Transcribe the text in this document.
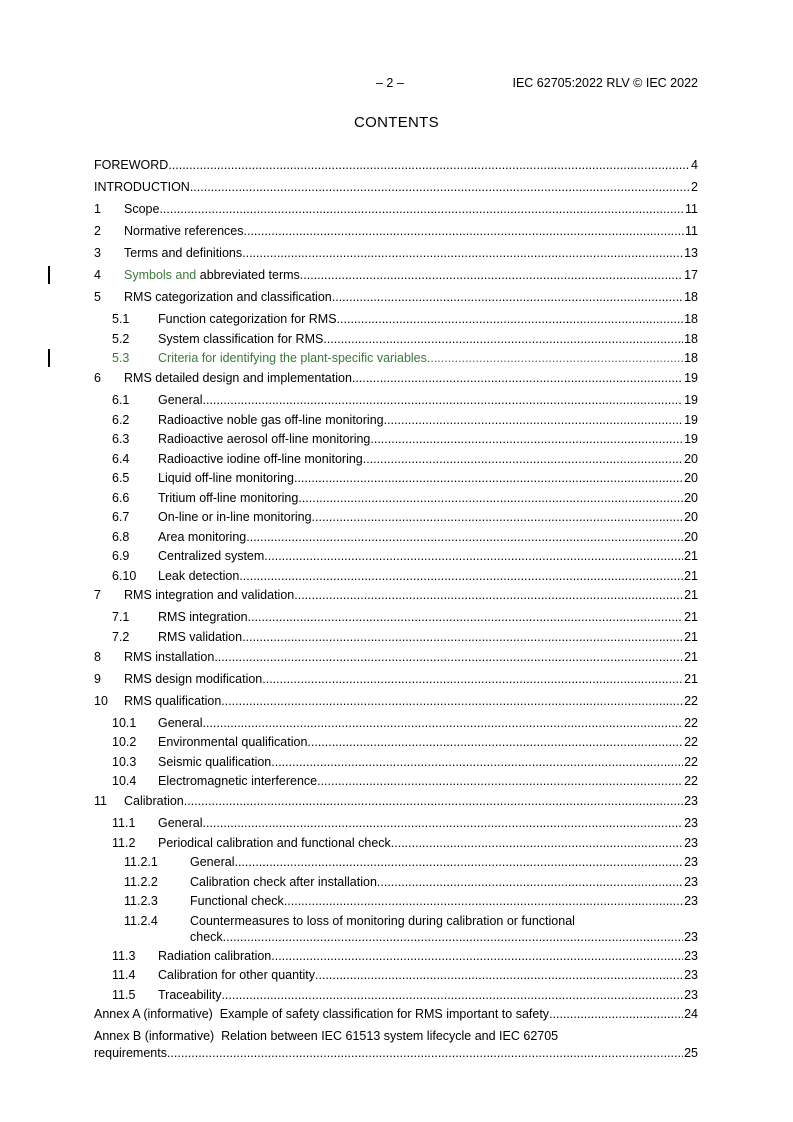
– 2 –	IEC 62705:2022 RLV © IEC 2022
CONTENTS
FOREWORD .....	4
INTRODUCTION .....	2
1	Scope .....	11
2	Normative references .....	11
3	Terms and definitions .....	13
4	Symbols and abbreviated terms .....	17
5	RMS categorization and classification .....	18
5.1	Function categorization for RMS .....	18
5.2	System classification for RMS .....	18
5.3	Criteria for identifying the plant-specific variables .....	18
6	RMS detailed design and implementation .....	19
6.1	General .....	19
6.2	Radioactive noble gas off-line monitoring .....	19
6.3	Radioactive aerosol off-line monitoring .....	19
6.4	Radioactive iodine off-line monitoring .....	20
6.5	Liquid off-line monitoring .....	20
6.6	Tritium off-line monitoring .....	20
6.7	On-line or in-line monitoring .....	20
6.8	Area monitoring .....	20
6.9	Centralized system .....	21
6.10	Leak detection .....	21
7	RMS integration and validation .....	21
7.1	RMS integration .....	21
7.2	RMS validation .....	21
8	RMS installation .....	21
9	RMS design modification .....	21
10	RMS qualification .....	22
10.1	General .....	22
10.2	Environmental qualification .....	22
10.3	Seismic qualification .....	22
10.4	Electromagnetic interference .....	22
11	Calibration .....	23
11.1	General .....	23
11.2	Periodical calibration and functional check .....	23
11.2.1	General .....	23
11.2.2	Calibration check after installation .....	23
11.2.3	Functional check .....	23
11.2.4	Countermeasures to loss of monitoring during calibration or functional
check .....	23
11.3	Radiation calibration .....	23
11.4	Calibration for other quantity .....	23
11.5	Traceability .....	23
Annex A (informative)  Example of safety classification for RMS important to safety .....	24
Annex B (informative)  Relation between IEC 61513 system lifecycle and IEC 62705
requirements .....	25
